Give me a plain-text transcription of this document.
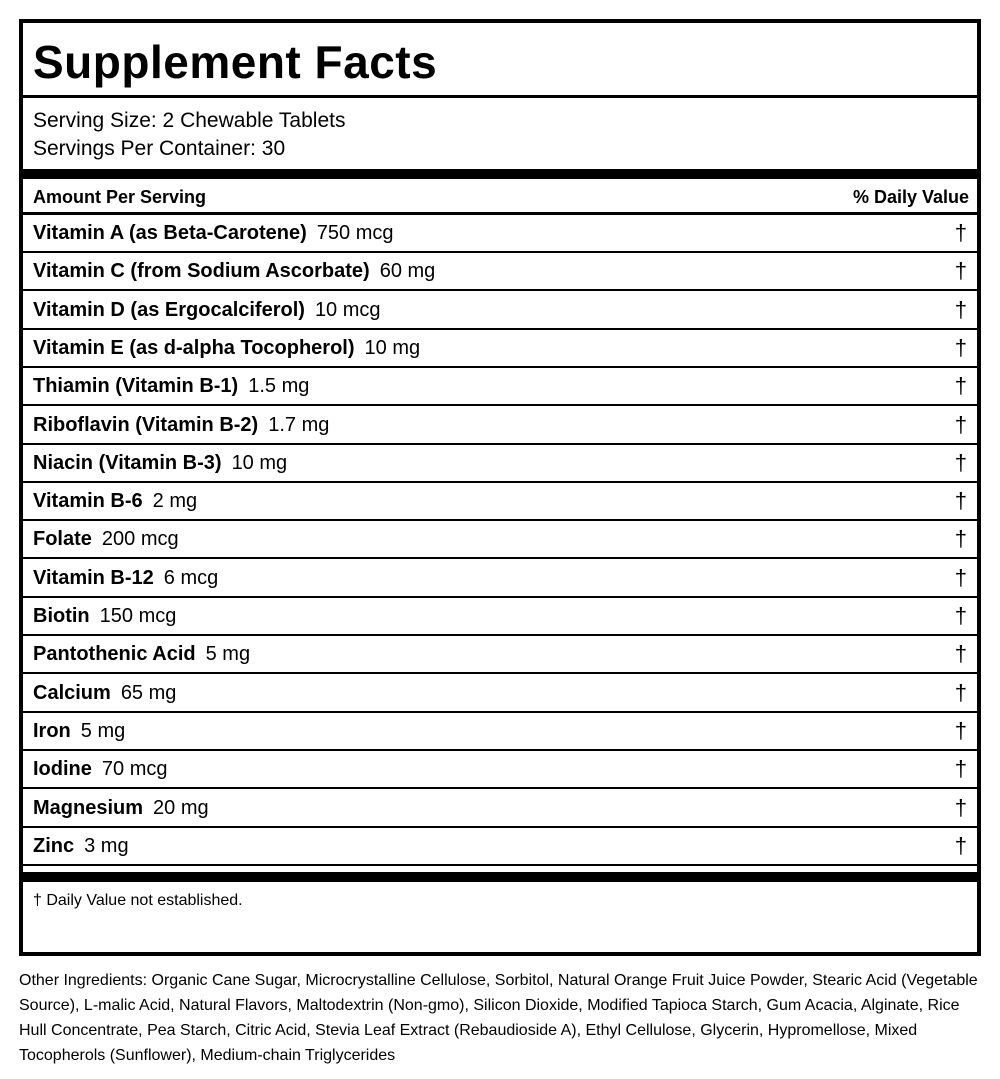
Supplement Facts
Serving Size: 2 Chewable Tablets
Servings Per Container: 30
Amount Per Serving	% Daily Value
Vitamin A (as Beta-Carotene) 750 mcg	†
Vitamin C (from Sodium Ascorbate) 60 mg	†
Vitamin D (as Ergocalciferol) 10 mcg	†
Vitamin E (as d-alpha Tocopherol) 10 mg	†
Thiamin (Vitamin B-1) 1.5 mg	†
Riboflavin (Vitamin B-2) 1.7 mg	†
Niacin (Vitamin B-3) 10 mg	†
Vitamin B-6 2 mg	†
Folate 200 mcg	†
Vitamin B-12 6 mcg	†
Biotin 150 mcg	†
Pantothenic Acid 5 mg	†
Calcium 65 mg	†
Iron 5 mg	†
Iodine 70 mcg	†
Magnesium 20 mg	†
Zinc 3 mg	†
† Daily Value not established.

Other Ingredients: Organic Cane Sugar, Microcrystalline Cellulose, Sorbitol, Natural Orange Fruit Juice Powder, Stearic Acid (Vegetable Source), L-malic Acid, Natural Flavors, Maltodextrin (Non-gmo), Silicon Dioxide, Modified Tapioca Starch, Gum Acacia, Alginate, Rice Hull Concentrate, Pea Starch, Citric Acid, Stevia Leaf Extract (Rebaudioside A), Ethyl Cellulose, Glycerin, Hypromellose, Mixed Tocopherols (Sunflower), Medium-chain Triglycerides
